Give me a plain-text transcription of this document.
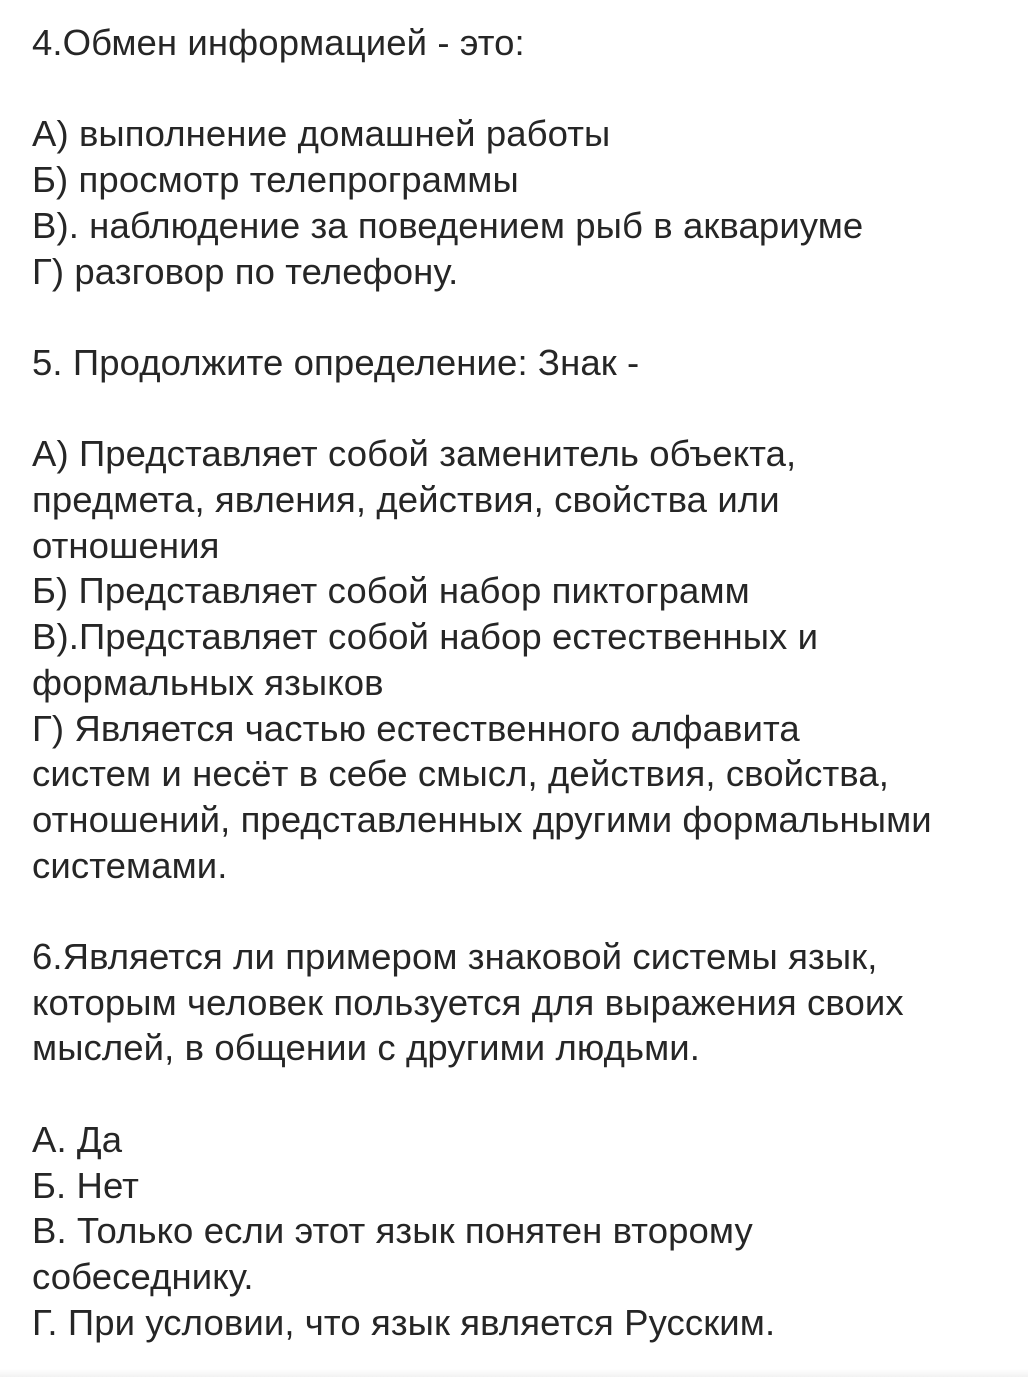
4.Обмен информацией - это:
А) выполнение домашней работы
Б) просмотр телепрограммы
В). наблюдение за поведением рыб в аквариуме
Г) разговор по телефону.
5. Продолжите определение: Знак -
А) Представляет собой заменитель объекта,
предмета, явления, действия, свойства или
отношения
Б) Представляет собой набор пиктограмм
В).Представляет собой набор естественных и
формальных языков
Г) Является частью естественного алфавита
систем и несёт в себе смысл, действия, свойства,
отношений, представленных другими формальными
системами.
6.Является ли примером знаковой системы язык,
которым человек пользуется для выражения своих
мыслей, в общении с другими людьми.
А. Да
Б. Нет
В. Только если этот язык понятен второму
собеседнику.
Г. При условии, что язык является Русским.
